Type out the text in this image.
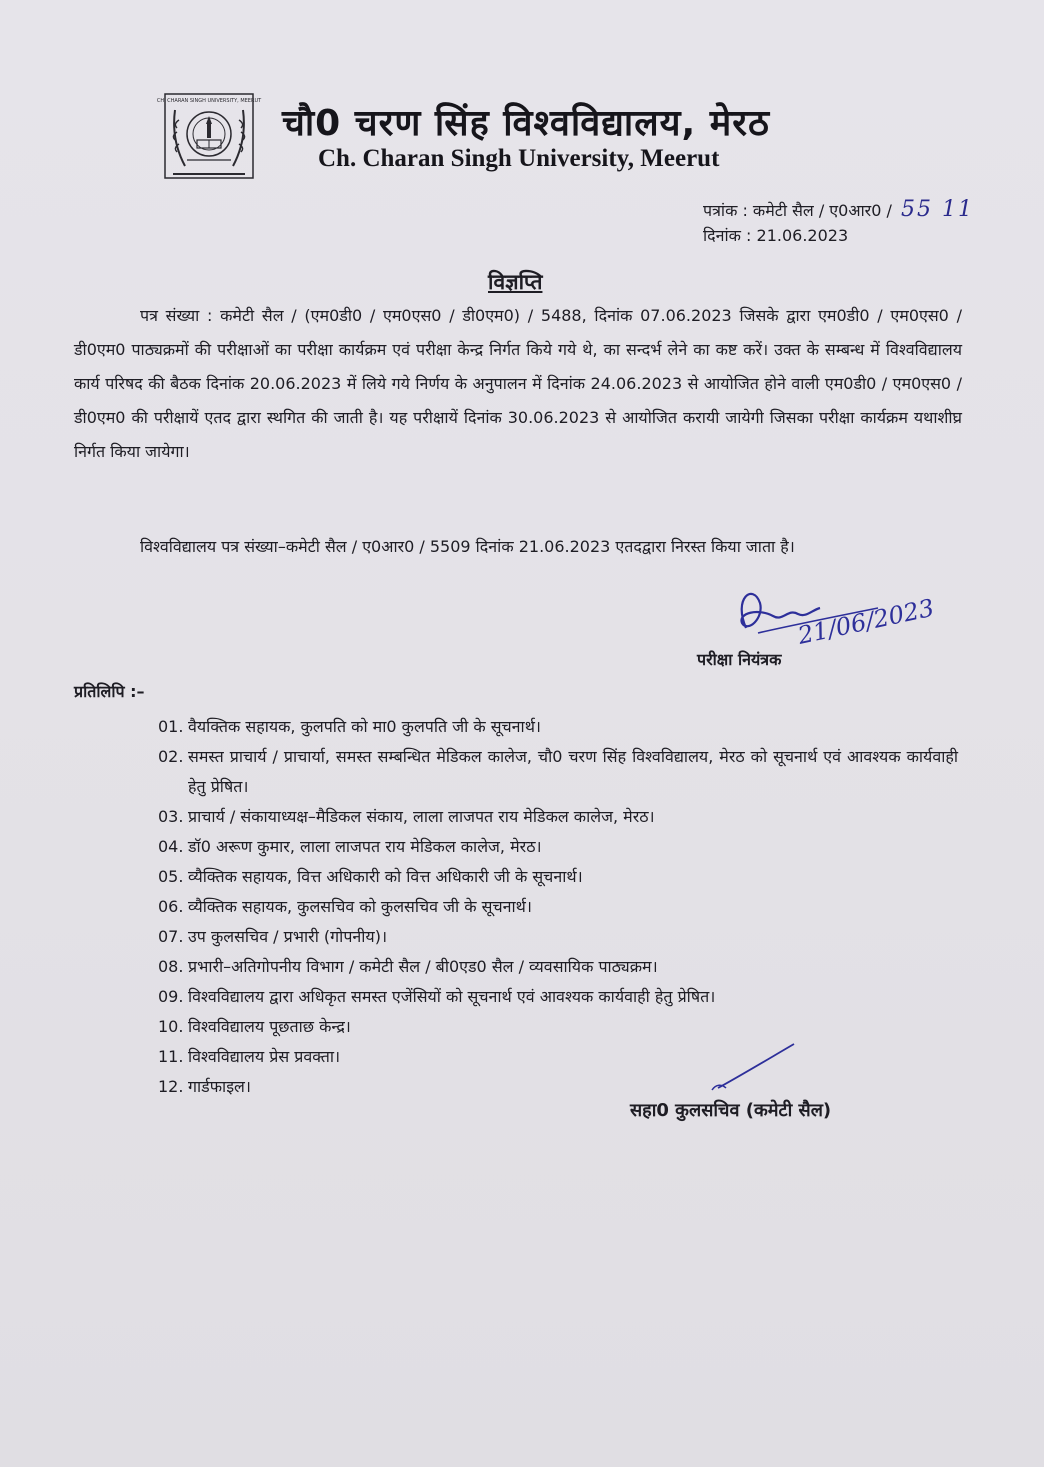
CH. CHARAN SINGH UNIVERSITY, MEERUT
चौ0 चरण सिंह विश्वविद्यालय, मेरठ
Ch. Charan Singh University, Meerut
पत्रांक : कमेटी सैल / ए0आर0 / 55 11
दिनांक : 21.06.2023
विज्ञप्ति

पत्र संख्या : कमेटी सैल / (एम0डी0 / एम0एस0 / डी0एम0) / 5488, दिनांक 07.06.2023 जिसके द्वारा एम0डी0 / एम0एस0 / डी0एम0 पाठ्यक्रमों की परीक्षाओं का परीक्षा कार्यक्रम एवं परीक्षा केन्द्र निर्गत किये गये थे, का सन्दर्भ लेने का कष्ट करें। उक्त के सम्बन्ध में विश्वविद्यालय कार्य परिषद की बैठक दिनांक 20.06.2023 में लिये गये निर्णय के अनुपालन में दिनांक 24.06.2023 से आयोजित होने वाली एम0डी0 / एम0एस0 / डी0एम0 की परीक्षायें एतद द्वारा स्थगित की जाती है। यह परीक्षायें दिनांक 30.06.2023 से आयोजित करायी जायेगी जिसका परीक्षा कार्यक्रम यथाशीघ्र निर्गत किया जायेगा।

विश्वविद्यालय पत्र संख्या–कमेटी सैल / ए0आर0 / 5509 दिनांक 21.06.2023 एतदद्वारा निरस्त किया जाता है।
21/06/2023
परीक्षा नियंत्रक
प्रतिलिपि :–
01. वैयक्तिक सहायक, कुलपति को मा0 कुलपति जी के सूचनार्थ।
02. समस्त प्राचार्य / प्राचार्या, समस्त सम्बन्धित मेडिकल कालेज, चौ0 चरण सिंह विश्वविद्यालय, मेरठ को सूचनार्थ एवं आवश्यक कार्यवाही हेतु प्रेषित।
03. प्राचार्य / संकायाध्यक्ष–मैडिकल संकाय, लाला लाजपत राय मेडिकल कालेज, मेरठ।
04. डॉ0 अरूण कुमार, लाला लाजपत राय मेडिकल कालेज, मेरठ।
05. व्यैक्तिक सहायक, वित्त अधिकारी को वित्त अधिकारी जी के सूचनार्थ।
06. व्यैक्तिक सहायक, कुलसचिव को कुलसचिव जी के सूचनार्थ।
07. उप कुलसचिव / प्रभारी (गोपनीय)।
08. प्रभारी–अतिगोपनीय विभाग / कमेटी सैल / बी0एड0 सैल / व्यवसायिक पाठ्यक्रम।
09. विश्वविद्यालय द्वारा अधिकृत समस्त एजेंसियों को सूचनार्थ एवं आवश्यक कार्यवाही हेतु प्रेषित।
10. विश्वविद्यालय पूछताछ केन्द्र।
11. विश्वविद्यालय प्रेस प्रवक्ता।
12. गार्डफाइल।
सहा0 कुलसचिव (कमेटी सैल)
